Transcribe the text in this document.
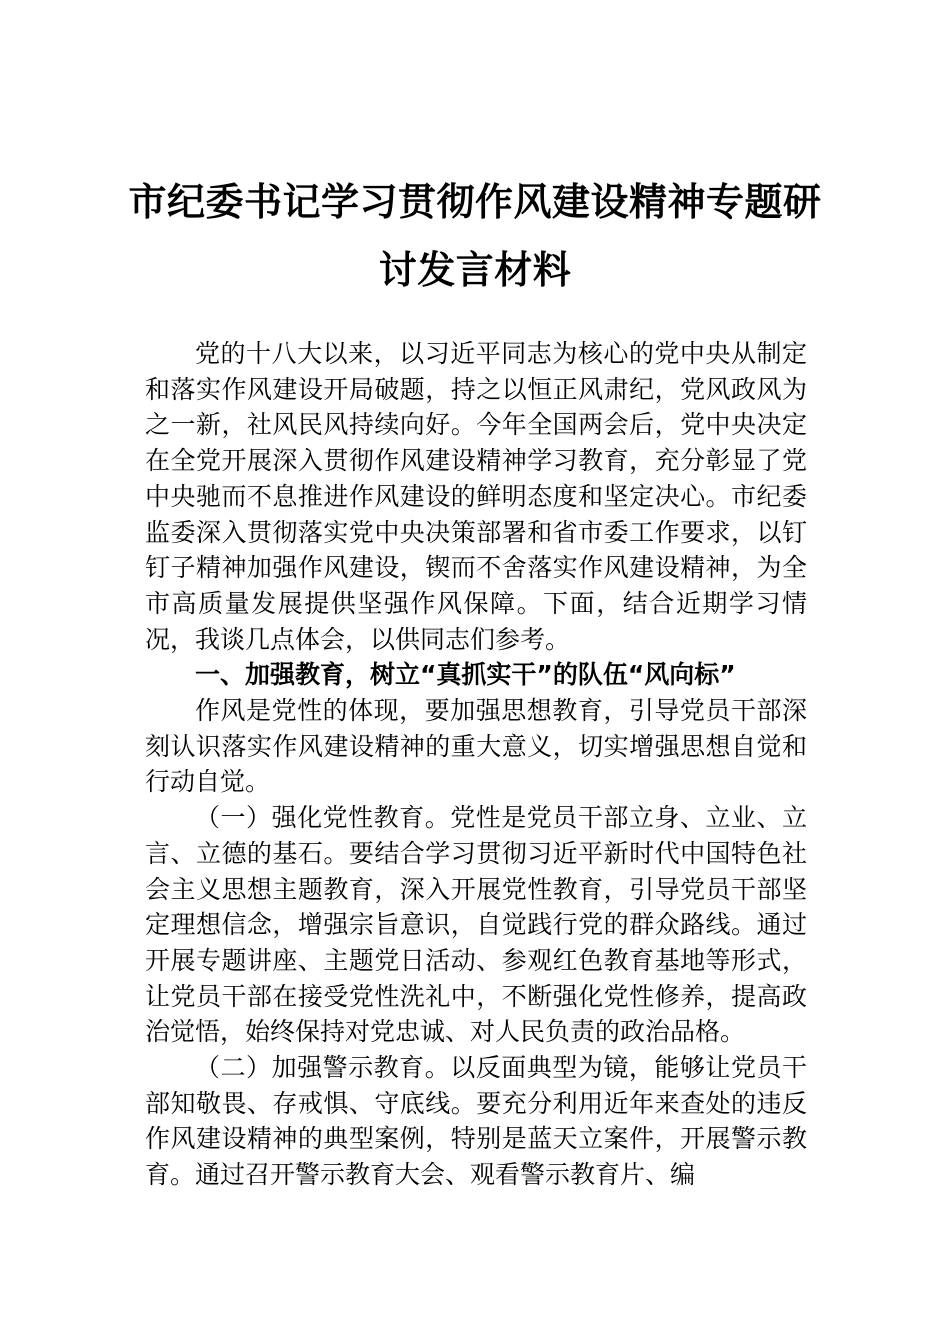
市纪委书记学习贯彻作风建设精神专题研
讨发言材料

党的十八大以来，以习近平同志为核心的党中央从制定和落实作风建设开局破题，持之以恒正风肃纪，党风政风为之一新，社风民风持续向好。今年全国两会后，党中央决定在全党开展深入贯彻作风建设精神学习教育，充分彰显了党中央驰而不息推进作风建设的鲜明态度和坚定决心。市纪委监委深入贯彻落实党中央决策部署和省市委工作要求，以钉钉子精神加强作风建设，锲而不舍落实作风建设精神，为全市高质量发展提供坚强作风保障。下面，结合近期学习情况，我谈几点体会，以供同志们参考。

一、加强教育，树立“真抓实干”的队伍“风向标”

作风是党性的体现，要加强思想教育，引导党员干部深刻认识落实作风建设精神的重大意义，切实增强思想自觉和行动自觉。

（一）强化党性教育。党性是党员干部立身、立业、立言、立德的基石。要结合学习贯彻习近平新时代中国特色社会主义思想主题教育，深入开展党性教育，引导党员干部坚定理想信念，增强宗旨意识，自觉践行党的群众路线。通过开展专题讲座、主题党日活动、参观红色教育基地等形式，让党员干部在接受党性洗礼中，不断强化党性修养，提高政治觉悟，始终保持对党忠诚、对人民负责的政治品格。

（二）加强警示教育。以反面典型为镜，能够让党员干部知敬畏、存戒惧、守底线。要充分利用近年来查处的违反作风建设精神的典型案例，特别是蓝天立案件，开展警示教育。通过召开警示教育大会、观看警示教育片、编
